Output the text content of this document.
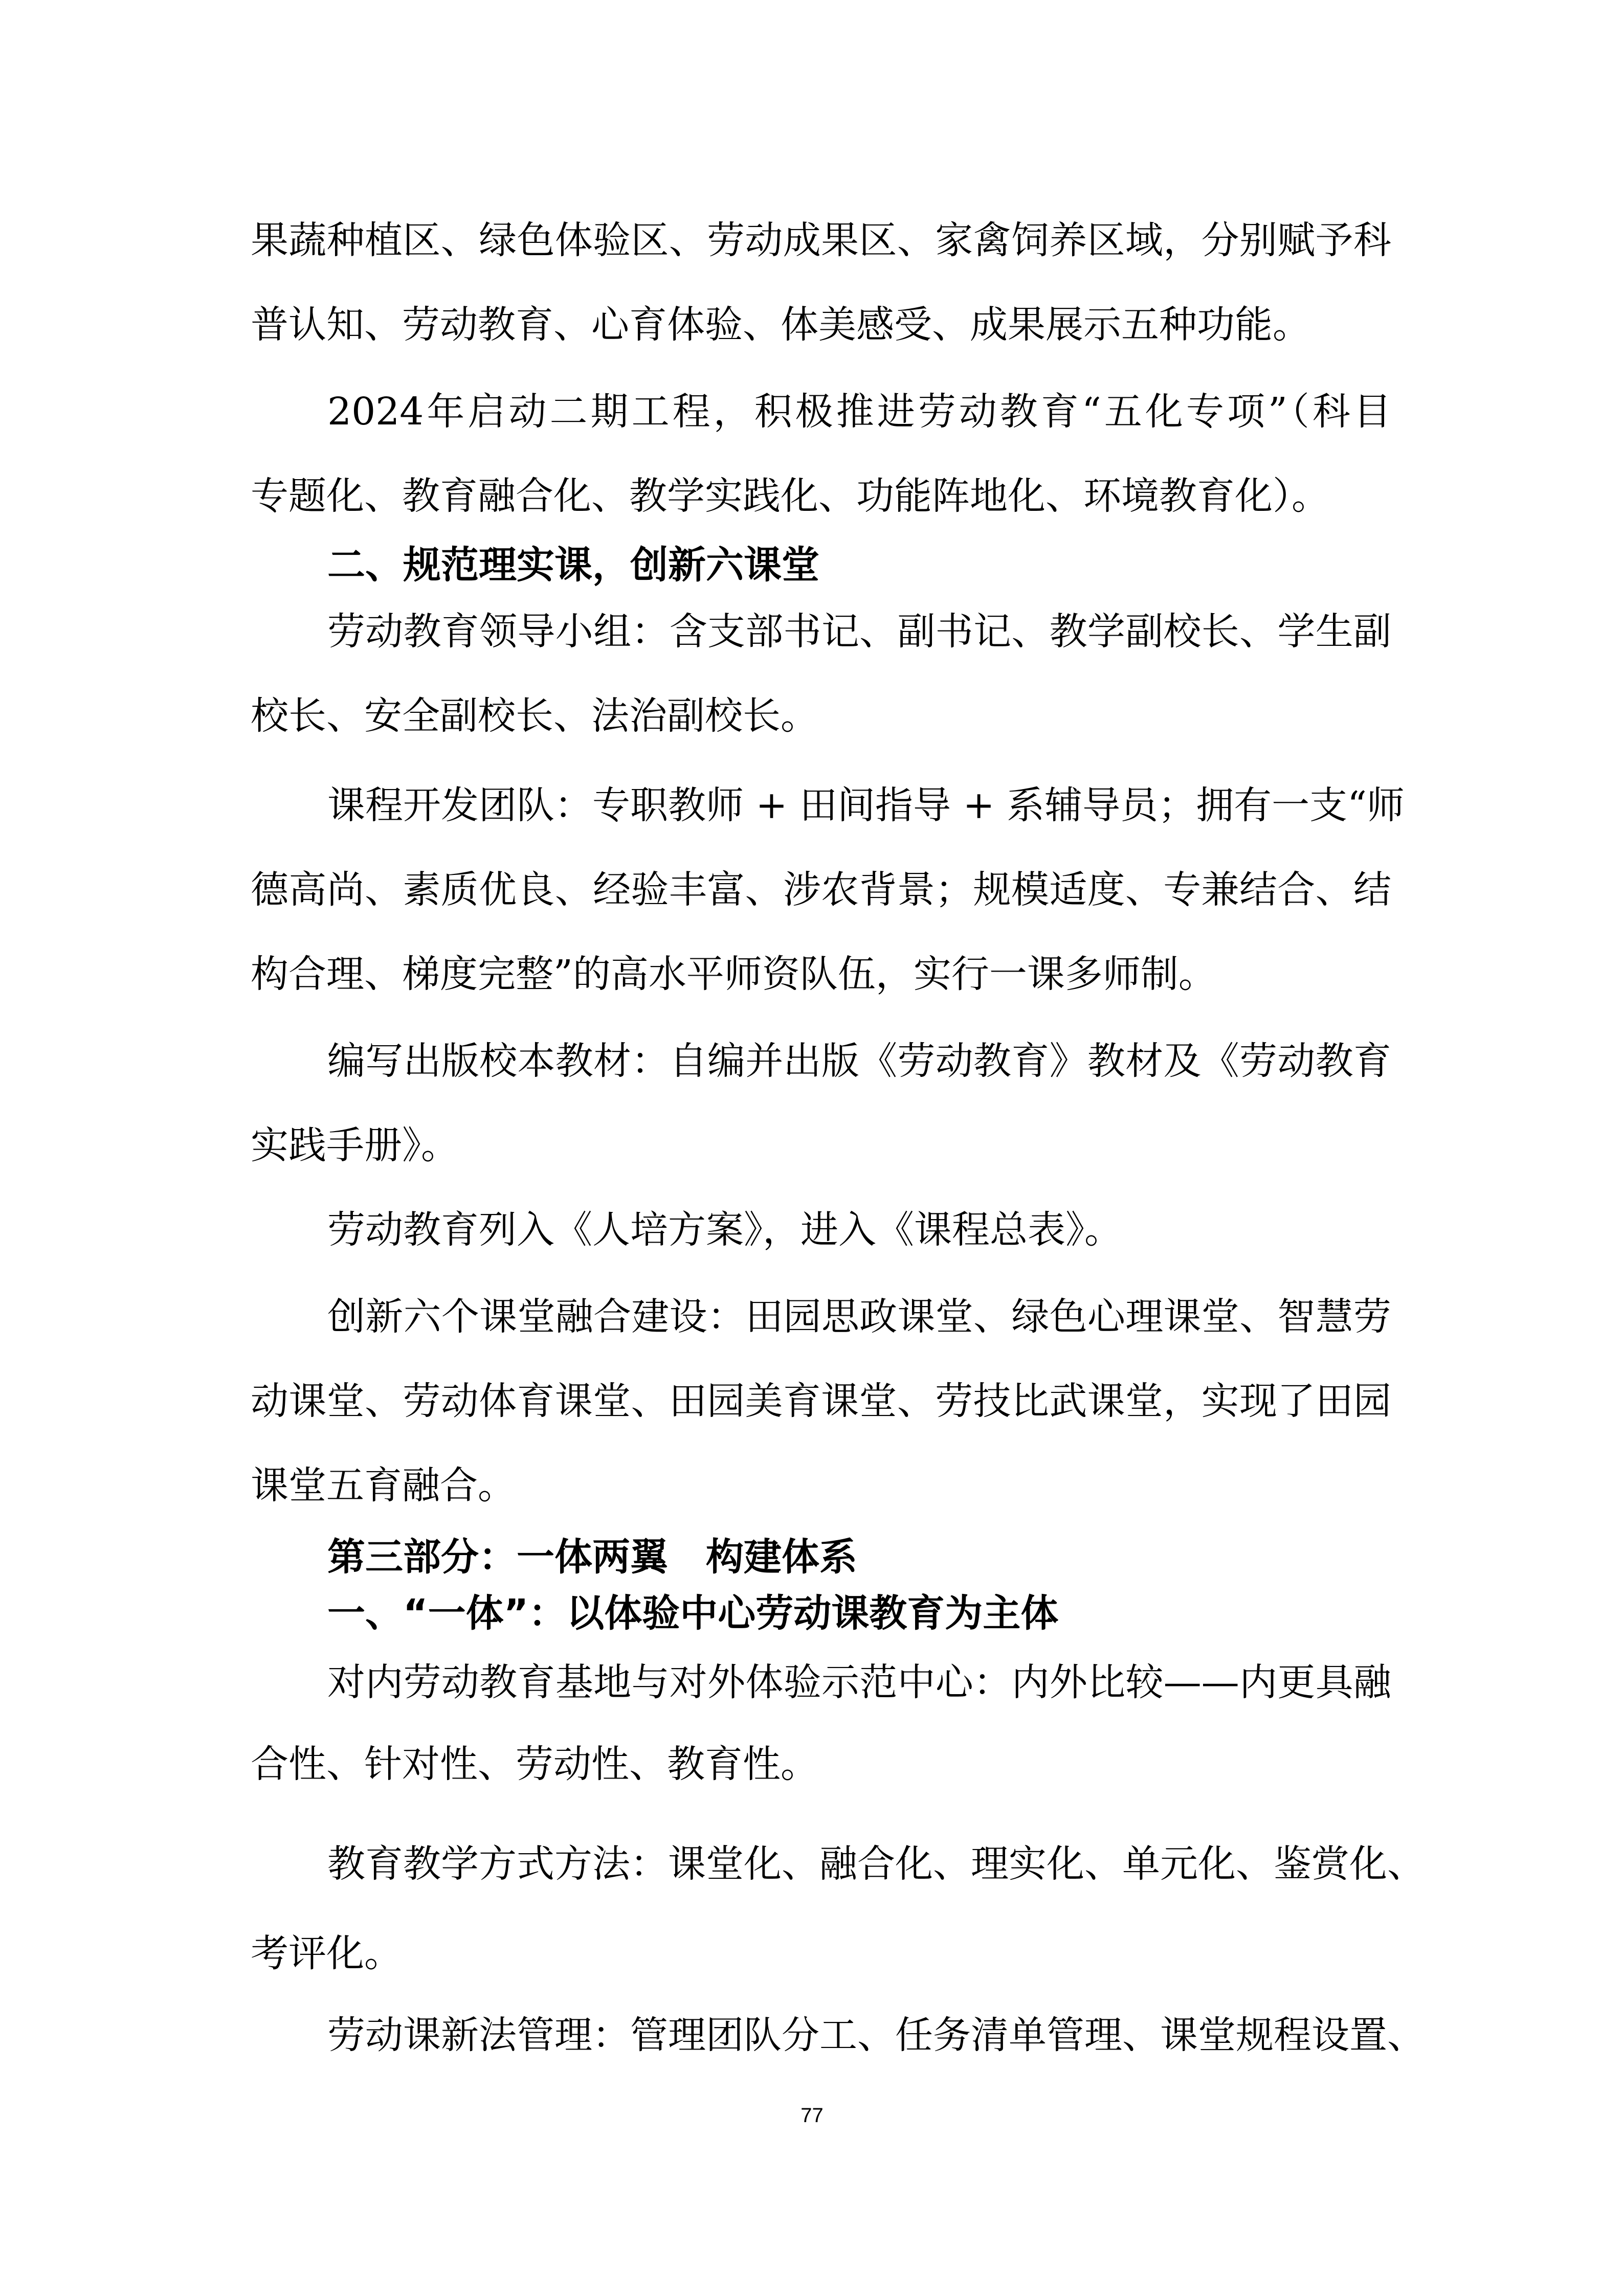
果蔬种植区、绿色体验区、劳动成果区、家禽饲养区域，分别赋予科
普认知、劳动教育、心育体验、体美感受、成果展示五种功能。
2024年启动二期工程，积极推进劳动教育“五化专项”（科目
专题化、教育融合化、教学实践化、功能阵地化、环境教育化）。
二、规范理实课，创新六课堂
劳动教育领导小组：含支部书记、副书记、教学副校长、学生副
校长、安全副校长、法治副校长。
课程开发团队：专职教师 + 田间指导 + 系辅导员；拥有一支“师
德高尚、素质优良、经验丰富、涉农背景；规模适度、专兼结合、结
构合理、梯度完整”的高水平师资队伍，实行一课多师制。
编写出版校本教材：自编并出版《劳动教育》教材及《劳动教育
实践手册》。
劳动教育列入《人培方案》，进入《课程总表》。
创新六个课堂融合建设：田园思政课堂、绿色心理课堂、智慧劳
动课堂、劳动体育课堂、田园美育课堂、劳技比武课堂，实现了田园
课堂五育融合。
第三部分：一体两翼　构建体系
一、“一体”：以体验中心劳动课教育为主体
对内劳动教育基地与对外体验示范中心：内外比较——内更具融
合性、针对性、劳动性、教育性。
教育教学方式方法：课堂化、融合化、理实化、单元化、鉴赏化、
考评化。
劳动课新法管理：管理团队分工、任务清单管理、课堂规程设置、
77
